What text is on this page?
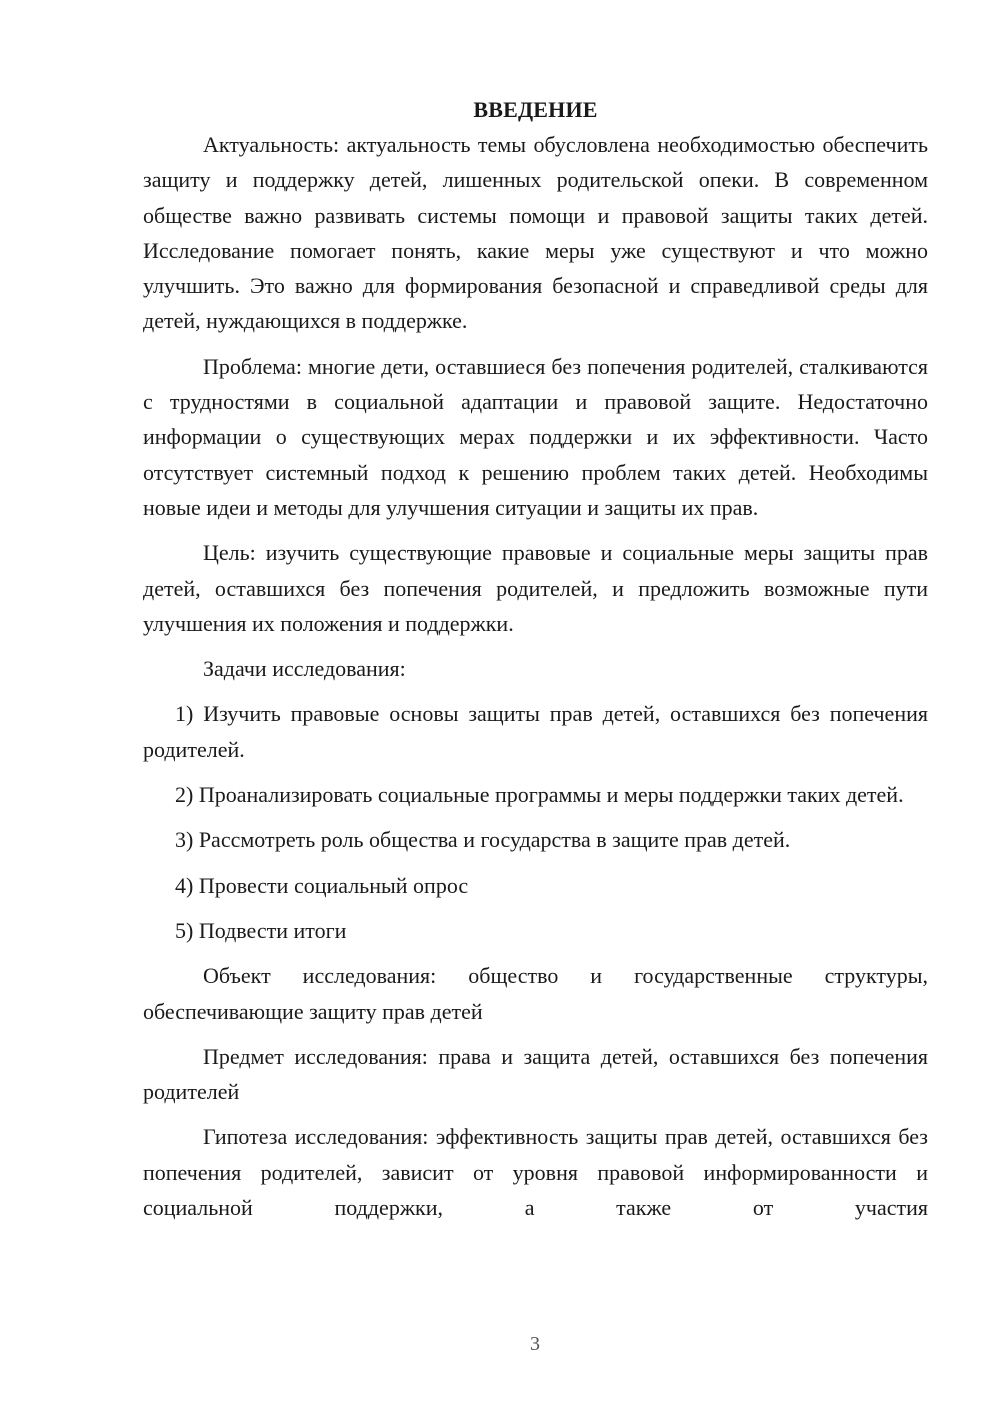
ВВЕДЕНИЕ

Актуальность: актуальность темы обусловлена необходимостью обеспечить защиту и поддержку детей, лишенных родительской опеки. В современном обществе важно развивать системы помощи и правовой защиты таких детей. Исследование помогает понять, какие меры уже существуют и что можно улучшить. Это важно для формирования безопасной и справедливой среды для детей, нуждающихся в поддержке.

Проблема: многие дети, оставшиеся без попечения родителей, сталкиваются с трудностями в социальной адаптации и правовой защите. Недостаточно информации о существующих мерах поддержки и их эффективности. Часто отсутствует системный подход к решению проблем таких детей. Необходимы новые идеи и методы для улучшения ситуации и защиты их прав.

Цель: изучить существующие правовые и социальные меры защиты прав детей, оставшихся без попечения родителей, и предложить возможные пути улучшения их положения и поддержки.

Задачи исследования:

1) Изучить правовые основы защиты прав детей, оставшихся без попечения родителей.

2) Проанализировать социальные программы и меры поддержки таких детей.

3) Рассмотреть роль общества и государства в защите прав детей.

4) Провести социальный опрос

5) Подвести итоги

Объект исследования: общество и государственные структуры, обеспечивающие защиту прав детей

Предмет исследования: права и защита детей, оставшихся без попечения родителей

Гипотеза исследования: эффективность защиты прав детей, оставшихся без попечения родителей, зависит от уровня правовой информированности и социальной поддержки, а также от участия

3
